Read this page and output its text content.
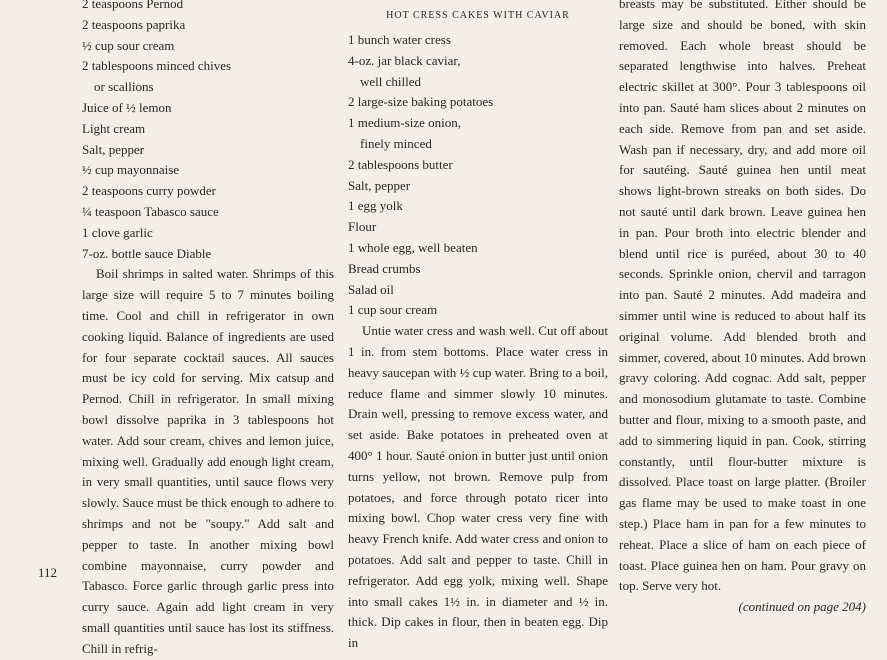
112
2 teaspoons Pernod
2 teaspoons paprika
½ cup sour cream
2 tablespoons minced chives
or scallions
Juice of ½ lemon
Light cream
Salt, pepper
½ cup mayonnaise
2 teaspoons curry powder
¼ teaspoon Tabasco sauce
1 clove garlic
7-oz. bottle sauce Diable
Boil shrimps in salted water. Shrimps of this large size will require 5 to 7 minutes boiling time. Cool and chill in refrigerator in own cooking liquid. Balance of ingredients are used for four separate cocktail sauces. All sauces must be icy cold for serving. Mix catsup and Pernod. Chill in refrigerator. In small mixing bowl dissolve paprika in 3 tablespoons hot water. Add sour cream, chives and lemon juice, mixing well. Gradually add enough light cream, in very small quantities, until sauce flows very slowly. Sauce must be thick enough to adhere to shrimps and not be "soupy." Add salt and pepper to taste. In another mixing bowl combine mayonnaise, curry powder and Tabasco. Force garlic through garlic press into curry sauce. Again add light cream in very small quantities until sauce has lost its stiffness. Chill in refrig-
HOT CRESS CAKES WITH CAVIAR
1 bunch water cress
4-oz. jar black caviar,
well chilled
2 large-size baking potatoes
1 medium-size onion,
finely minced
2 tablespoons butter
Salt, pepper
1 egg yolk
Flour
1 whole egg, well beaten
Bread crumbs
Salad oil
1 cup sour cream
Untie water cress and wash well. Cut off about 1 in. from stem bottoms. Place water cress in heavy saucepan with ½ cup water. Bring to a boil, reduce flame and simmer slowly 10 minutes. Drain well, pressing to remove excess water, and set aside. Bake potatoes in preheated oven at 400° 1 hour. Sauté onion in butter just until onion turns yellow, not brown. Remove pulp from potatoes, and force through potato ricer into mixing bowl. Chop water cress very fine with heavy French knife. Add water cress and onion to potatoes. Add salt and pepper to taste. Chill in refrigerator. Add egg yolk, mixing well. Shape into small cakes 1½ in. in diameter and ½ in. thick. Dip cakes in flour, then in beaten egg. Dip in
breasts may be substituted. Either should be large size and should be boned, with skin removed. Each whole breast should be separated lengthwise into halves. Preheat electric skillet at 300°. Pour 3 tablespoons oil into pan. Sauté ham slices about 2 minutes on each side. Remove from pan and set aside. Wash pan if necessary, dry, and add more oil for sautéing. Sauté guinea hen until meat shows light-brown streaks on both sides. Do not sauté until dark brown. Leave guinea hen in pan. Pour broth into electric blender and blend until rice is puréed, about 30 to 40 seconds. Sprinkle onion, chervil and tarragon into pan. Sauté 2 minutes. Add madeira and simmer until wine is reduced to about half its original volume. Add blended broth and simmer, covered, about 10 minutes. Add brown gravy coloring. Add cognac. Add salt, pepper and monosodium glutamate to taste. Combine butter and flour, mixing to a smooth paste, and add to simmering liquid in pan. Cook, stirring constantly, until flour-butter mixture is dissolved. Place toast on large platter. (Broiler gas flame may be used to make toast in one step.) Place ham in pan for a few minutes to reheat. Place a slice of ham on each piece of toast. Place guinea hen on ham. Pour gravy on top. Serve very hot.
(continued on page 204)
